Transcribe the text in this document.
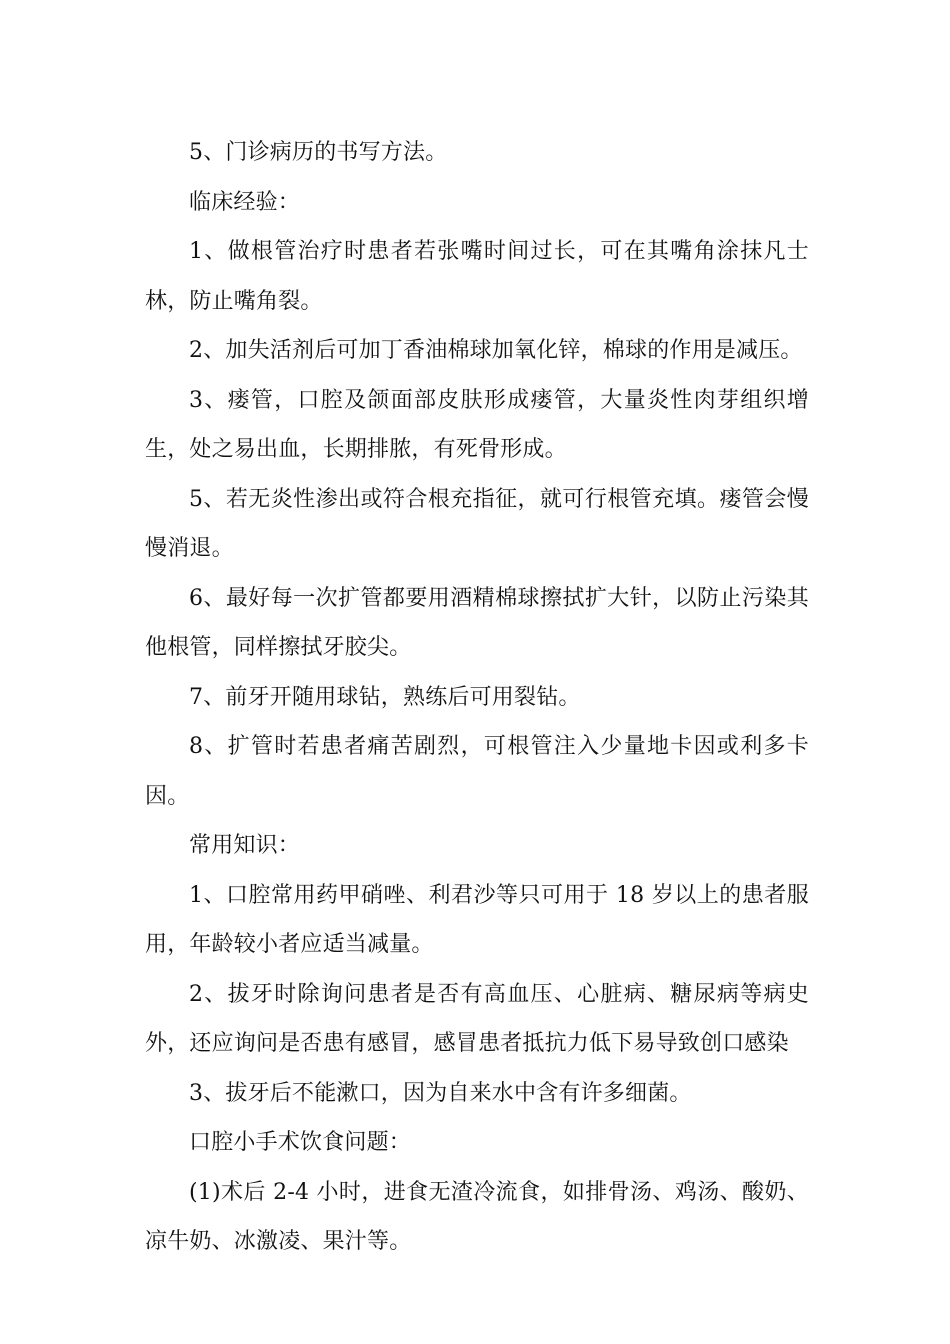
5、门诊病历的书写方法。

临床经验：

1、做根管治疗时患者若张嘴时间过长，可在其嘴角涂抹凡士林，防止嘴角裂。

2、加失活剂后可加丁香油棉球加氧化锌，棉球的作用是减压。

3、瘘管，口腔及颌面部皮肤形成瘘管，大量炎性肉芽组织增生，处之易出血，长期排脓，有死骨形成。

5、若无炎性渗出或符合根充指征，就可行根管充填。瘘管会慢慢消退。

6、最好每一次扩管都要用酒精棉球擦拭扩大针，以防止污染其他根管，同样擦拭牙胶尖。

7、前牙开随用球钻，熟练后可用裂钻。

8、扩管时若患者痛苦剧烈，可根管注入少量地卡因或利多卡因。

常用知识：

1、口腔常用药甲硝唑、利君沙等只可用于 18 岁以上的患者服用，年龄较小者应适当减量。

2、拔牙时除询问患者是否有高血压、心脏病、糖尿病等病史外，还应询问是否患有感冒，感冒患者抵抗力低下易导致创口感染

3、拔牙后不能漱口，因为自来水中含有许多细菌。

口腔小手术饮食问题：

(1)术后 2-4 小时，进食无渣冷流食，如排骨汤、鸡汤、酸奶、凉牛奶、冰激凌、果汁等。
